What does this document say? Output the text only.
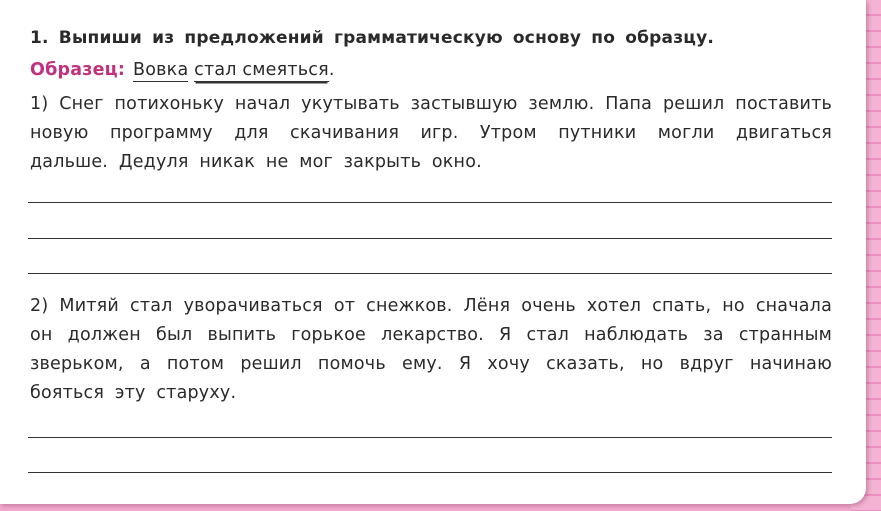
1. Выпиши из предложений грамматическую основу по образцу.
Образец: Вовка стал смеяться.
1) Снег потихоньку начал укутывать застывшую землю. Папа решил поставить новую программу для скачивания игр. Утром путники могли двигаться дальше. Дедуля никак не мог закрыть окно.
2) Митяй стал уворачиваться от снежков. Лёня очень хотел спать, но сначала он должен был выпить горькое лекарство. Я стал наблюдать за странным зверьком, а потом решил помочь ему. Я хочу сказать, но вдруг начинаю бояться эту старуху.
